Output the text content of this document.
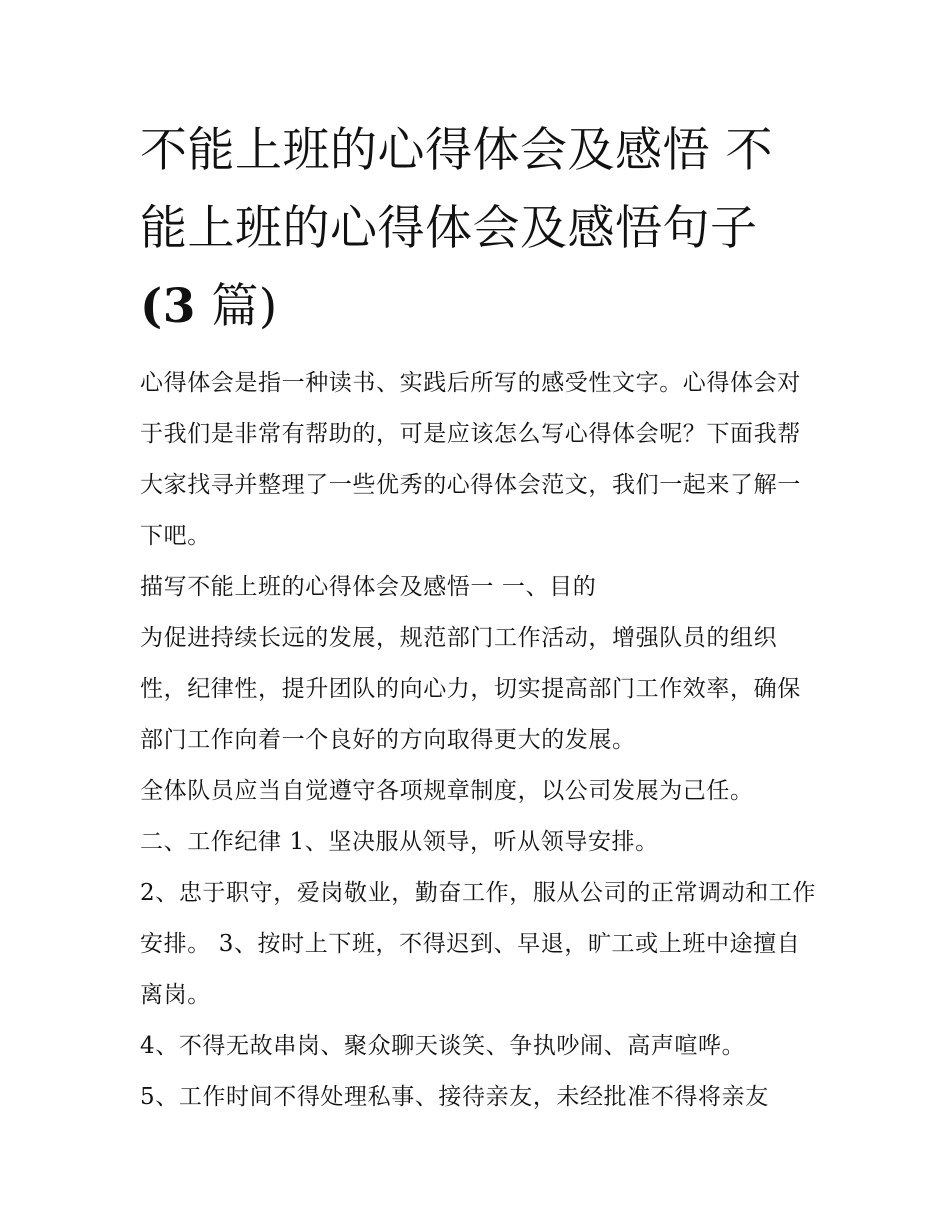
不能上班的心得体会及感悟 不
能上班的心得体会及感悟句子
(3 篇)

心得体会是指一种读书、实践后所写的感受性文字。心得体会对于我们是非常有帮助的，可是应该怎么写心得体会呢？下面我帮大家找寻并整理了一些优秀的心得体会范文，我们一起来了解一下吧。

描写不能上班的心得体会及感悟一 一、目的

为促进持续长远的发展，规范部门工作活动，增强队员的组织性，纪律性，提升团队的向心力，切实提高部门工作效率，确保部门工作向着一个良好的方向取得更大的发展。

全体队员应当自觉遵守各项规章制度，以公司发展为己任。

二、工作纪律 1、坚决服从领导，听从领导安排。

2、忠于职守，爱岗敬业，勤奋工作，服从公司的正常调动和工作安排。 3、按时上下班，不得迟到、早退，旷工或上班中途擅自离岗。

4、不得无故串岗、聚众聊天谈笑、争执吵闹、高声喧哗。

5、工作时间不得处理私事、接待亲友，未经批准不得将亲友
